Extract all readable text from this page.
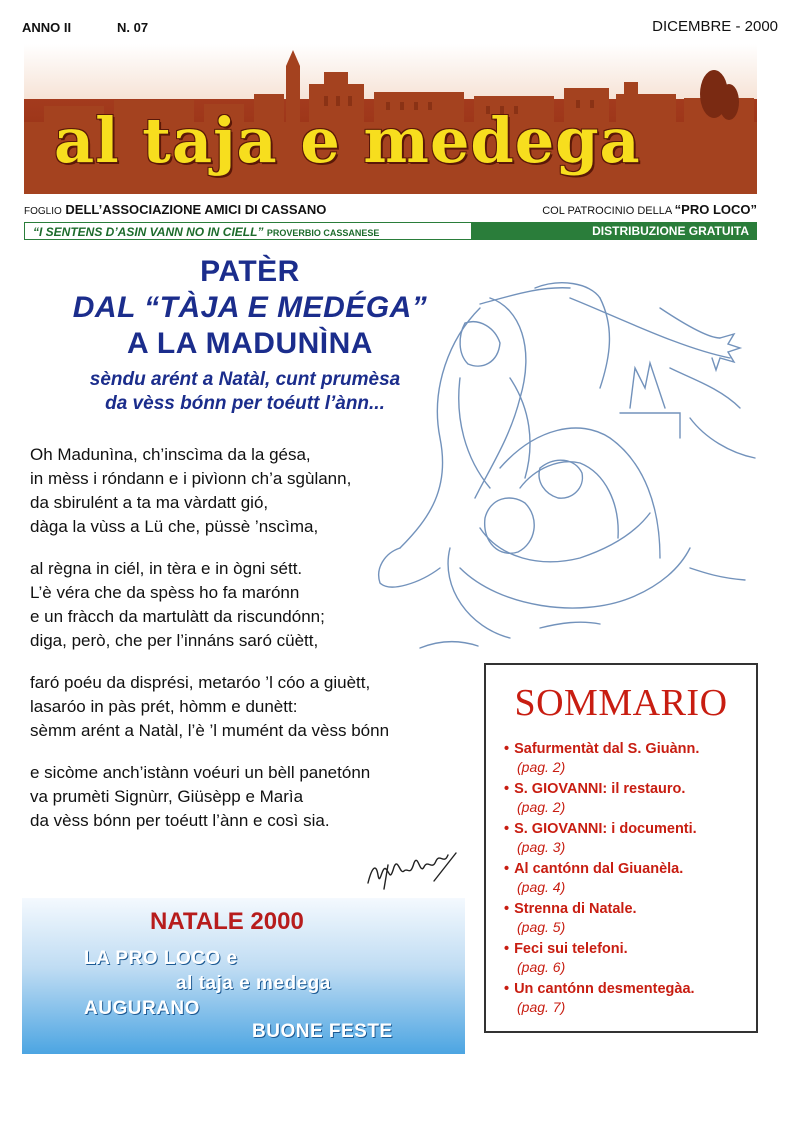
ANNO II	N. 07	DICEMBRE - 2000
al taja e medega
FOGLIO DELL’ASSOCIAZIONE AMICI DI CASSANO	COL PATROCINIO DELLA “PRO LOCO”
“I SENTENS D’ASIN VANN NO IN CIELL” PROVERBIO CASSANESE	DISTRIBUZIONE GRATUITA
PATÈR
DAL “TÀJA E MEDÉGA”
A LA MADUNÌNA
sèndu arént a Natàl, cunt prumèsa
da vèss bónn per toéutt l’ànn...
Oh Madunìna, ch’inscìma da la gésa,
in mèss i róndann e i pivìonn ch’a sgùlann,
da sbirulént a ta ma vàrdatt gió,
dàga la vùss a Lü che, püssè ’nscìma,
al règna in ciél, in tèra e in ògni sétt.
L’è véra che da spèss ho fa marónn
e un fràcch da martulàtt da riscundónn;
diga, però, che per l’innáns saró cüètt,
faró poéu da disprési, metaróo ’l cóo a giuètt,
lasaróo in pàs prét, hòmm e dunètt:
sèmm arént a Natàl, l’è ’l mumént da vèss bónn
e sicòme anch’istànn voéuri un bèll panetónn
va prumèti Signùrr, Giüsèpp e Marìa
da vèss bónn per toéutt l’ànn e così sia.
NATALE 2000
LA PRO LOCO e
al taja e medega
AUGURANO
BUONE FESTE
SOMMARIO
• Safurmentàt dal S. Giuànn.
(pag. 2)
• S. GIOVANNI: il restauro.
(pag. 2)
• S. GIOVANNI: i documenti.
(pag. 3)
• Al cantónn dal Giuanèla.
(pag. 4)
• Strenna di Natale.
(pag. 5)
• Feci sui telefoni.
(pag. 6)
• Un cantónn desmentegàa.
(pag. 7)
